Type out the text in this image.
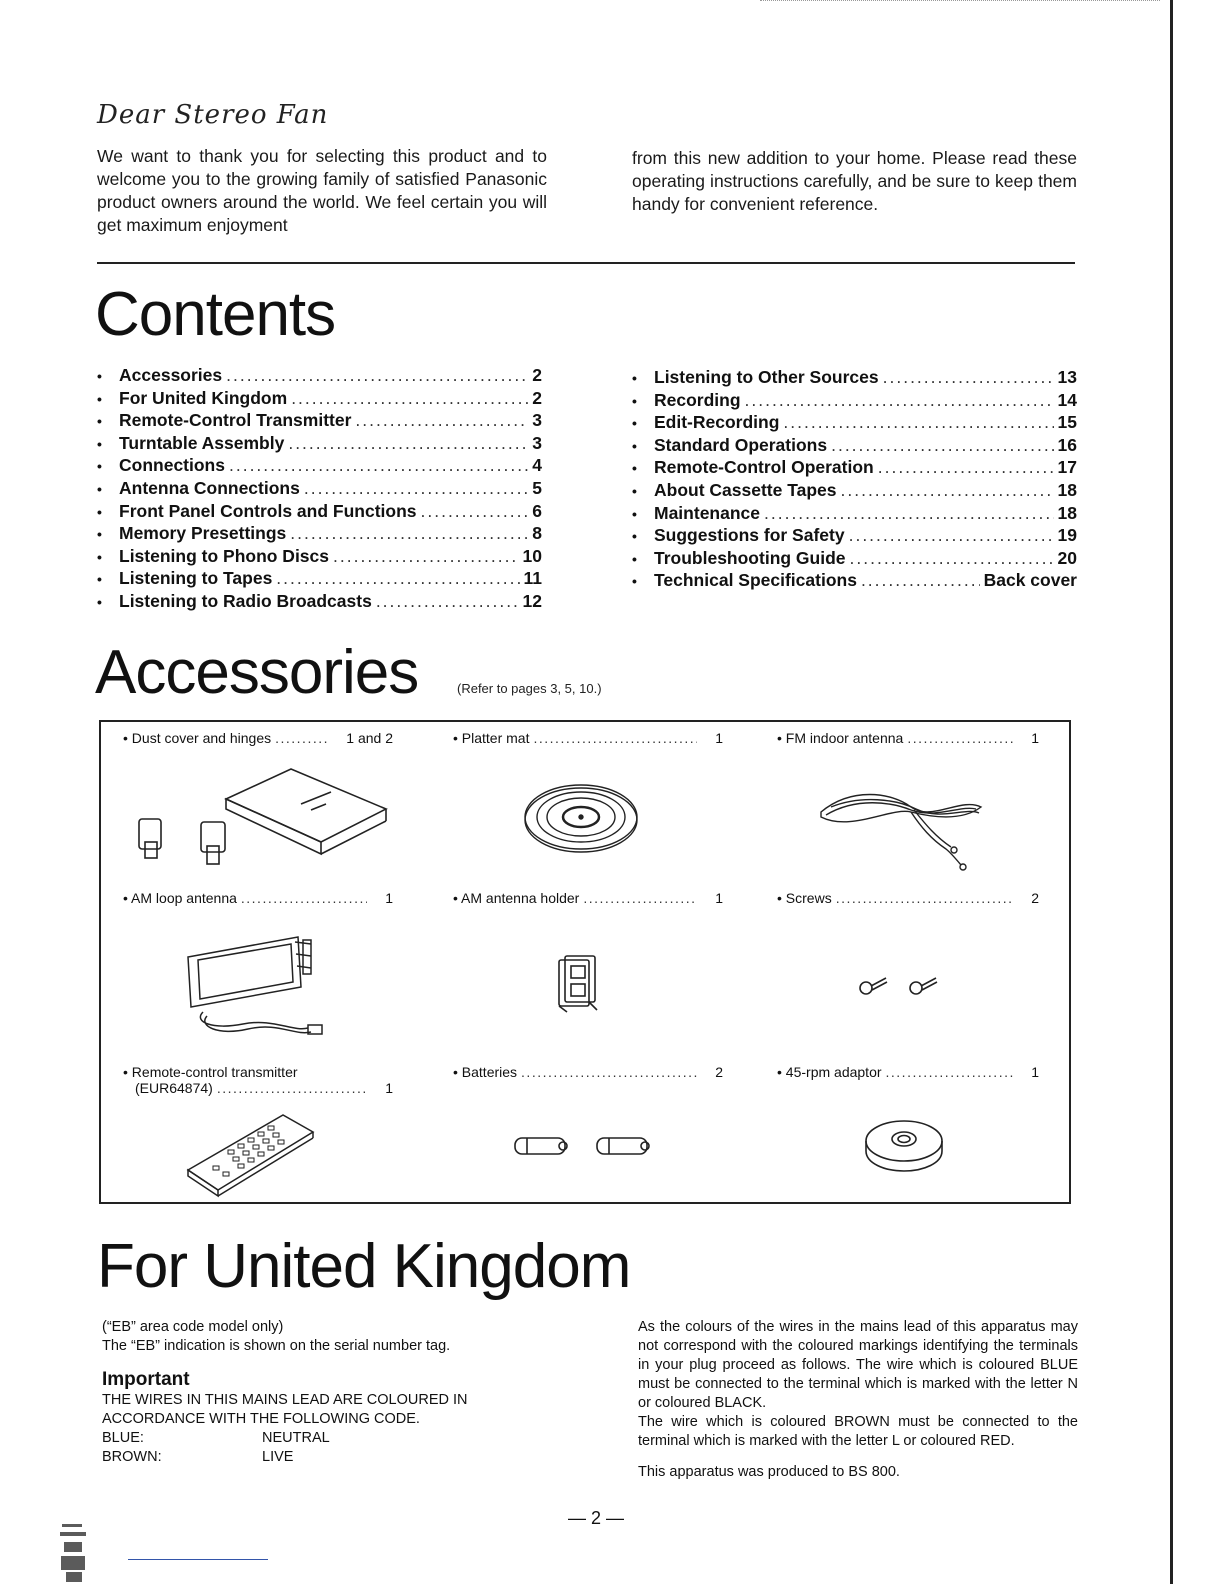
Dear Stereo Fan

We want to thank you for selecting this product and to welcome you to the growing family of satisfied Panasonic product owners around the world. We feel certain you will get maximum enjoyment

from this new addition to your home. Please read these operating instructions carefully, and be sure to keep them handy for convenient reference.

Contents
• Accessories .....	2
• For United Kingdom .....	2
• Remote-Control Transmitter .....	3
• Turntable Assembly .....	3
• Connections .....	4
• Antenna Connections .....	5
• Front Panel Controls and Functions .....	6
• Memory Presettings .....	8
• Listening to Phono Discs .....	10
• Listening to Tapes .....	11
• Listening to Radio Broadcasts .....	12
• Listening to Other Sources .....	13
• Recording .....	14
• Edit-Recording .....	15
• Standard Operations .....	16
• Remote-Control Operation .....	17
• About Cassette Tapes .....	18
• Maintenance .....	18
• Suggestions for Safety .....	19
• Troubleshooting Guide .....	20
• Technical Specifications .....	Back cover
Accessories	(Refer to pages 3, 5, 10.)
• Dust cover and hinges .....	1 and 2	• Platter mat .....	1	• FM indoor antenna .....	1
• AM loop antenna .....	1	• AM antenna holder .....	1	• Screws .....	2
• Remote-control transmitter
(EUR64874) .....	1
• Batteries .....	2	• 45-rpm adaptor .....	1
For United Kingdom

(“EB” area code model only)

The “EB” indication is shown on the serial number tag.

Important

THE WIRES IN THIS MAINS LEAD ARE COLOURED IN ACCORDANCE WITH THE FOLLOWING CODE.

BLUE:	NEUTRAL
BROWN:	LIVE

As the colours of the wires in the mains lead of this apparatus may not correspond with the coloured markings identifying the terminals in your plug proceed as follows. The wire which is coloured BLUE must be connected to the terminal which is marked with the letter N or coloured BLACK.

The wire which is coloured BROWN must be connected to the terminal which is marked with the letter L or coloured RED.

This apparatus was produced to BS 800.

— 2 —
